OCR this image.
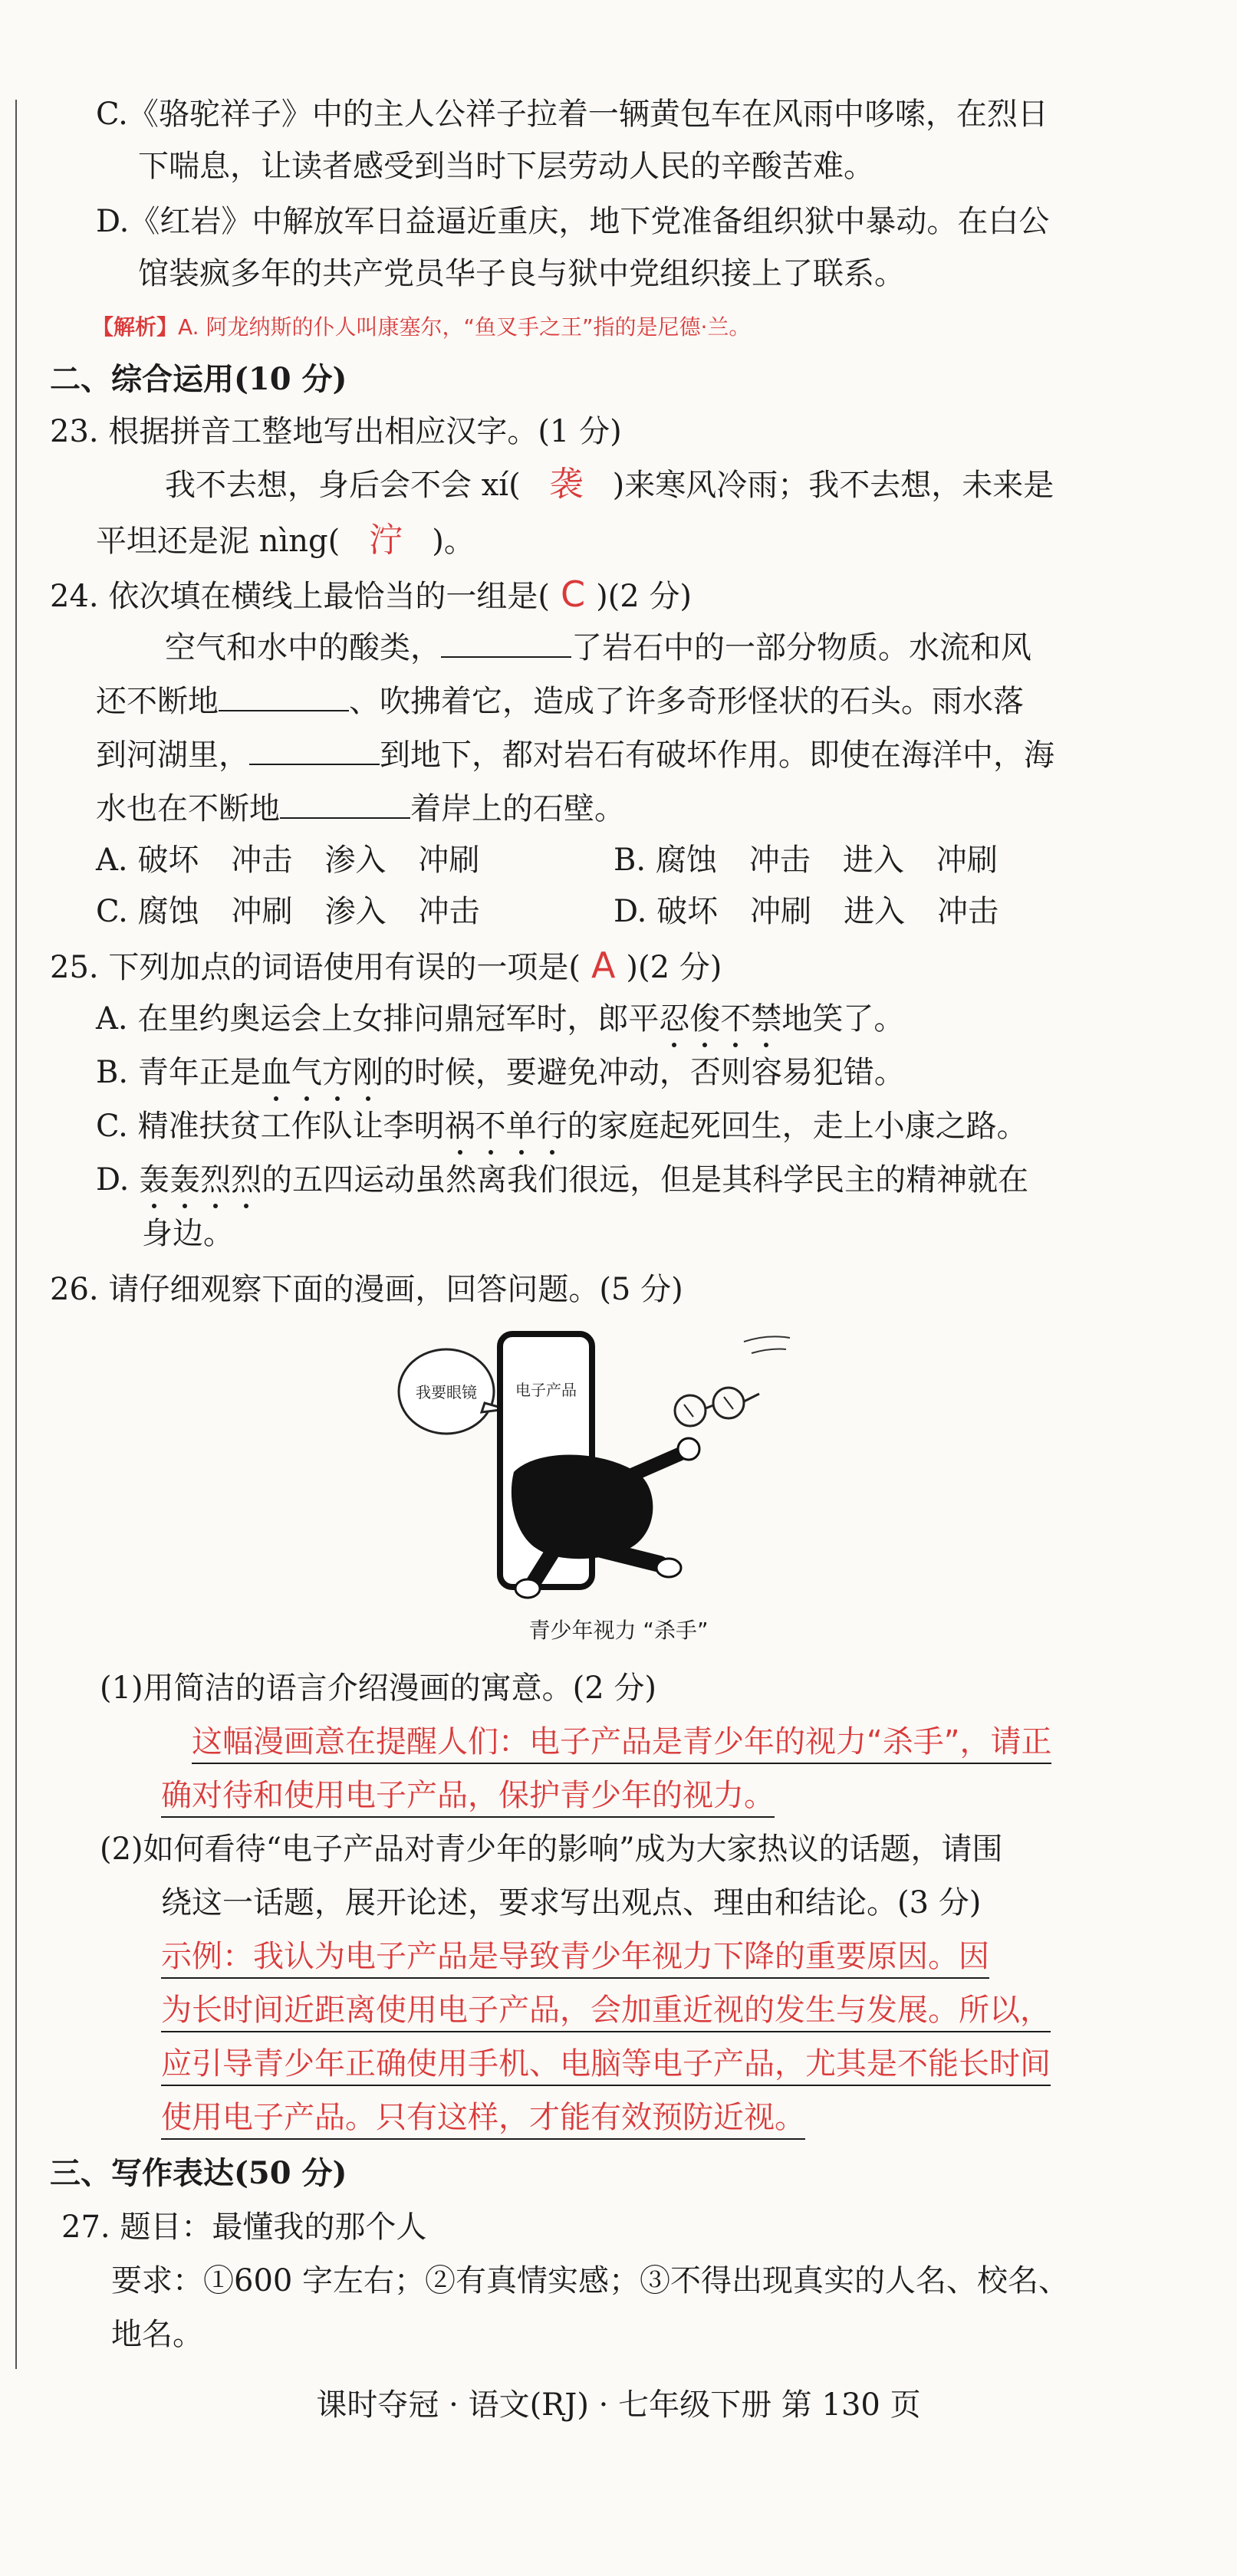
C.《骆驼祥子》中的主人公祥子拉着一辆黄包车在风雨中哆嗦，在烈日
下喘息，让读者感受到当时下层劳动人民的辛酸苦难。
D.《红岩》中解放军日益逼近重庆，地下党准备组织狱中暴动。在白公
馆装疯多年的共产党员华子良与狱中党组织接上了联系。
【解析】A. 阿龙纳斯的仆人叫康塞尔，“鱼叉手之王”指的是尼德·兰。
二、综合运用(10 分)
23. 根据拼音工整地写出相应汉字。(1 分)
我不去想，身后会不会 xí( 袭 )来寒风冷雨；我不去想，未来是
平坦还是泥 nìng( 泞 )。
24. 依次填在横线上最恰当的一组是( C )(2 分)
空气和水中的酸类，	了岩石中的一部分物质。水流和风
还不断地	、吹拂着它，造成了许多奇形怪状的石头。雨水落
到河湖里，	到地下，都对岩石有破坏作用。即使在海洋中，海
水也在不断地	着岸上的石壁。
A. 破坏 冲击 渗入 冲刷	B. 腐蚀 冲击 进入 冲刷
C. 腐蚀 冲刷 渗入 冲击	D. 破坏 冲刷 进入 冲击
25. 下列加点的词语使用有误的一项是( A )(2 分)
A. 在里约奥运会上女排问鼎冠军时，郎平忍俊不禁地笑了。
B. 青年正是血气方刚的时候，要避免冲动，否则容易犯错。
C. 精准扶贫工作队让李明祸不单行的家庭起死回生，走上小康之路。
D. 轰轰烈烈的五四运动虽然离我们很远，但是其科学民主的精神就在
身边。
26. 请仔细观察下面的漫画，回答问题。(5 分)
我要眼镜	电子产品
青少年视力 “杀手”
(1)用简洁的语言介绍漫画的寓意。(2 分)
这幅漫画意在提醒人们：电子产品是青少年的视力“杀手”，请正
确对待和使用电子产品，保护青少年的视力。
(2)如何看待“电子产品对青少年的影响”成为大家热议的话题，请围
绕这一话题，展开论述，要求写出观点、理由和结论。(3 分)
示例：我认为电子产品是导致青少年视力下降的重要原因。因
为长时间近距离使用电子产品，会加重近视的发生与发展。所以，
应引导青少年正确使用手机、电脑等电子产品，尤其是不能长时间
使用电子产品。只有这样，才能有效预防近视。
三、写作表达(50 分)
27. 题目：最懂我的那个人
要求：①600 字左右；②有真情实感；③不得出现真实的人名、校名、
地名。
课时夺冠 · 语文(RJ) · 七年级下册 第 130 页
